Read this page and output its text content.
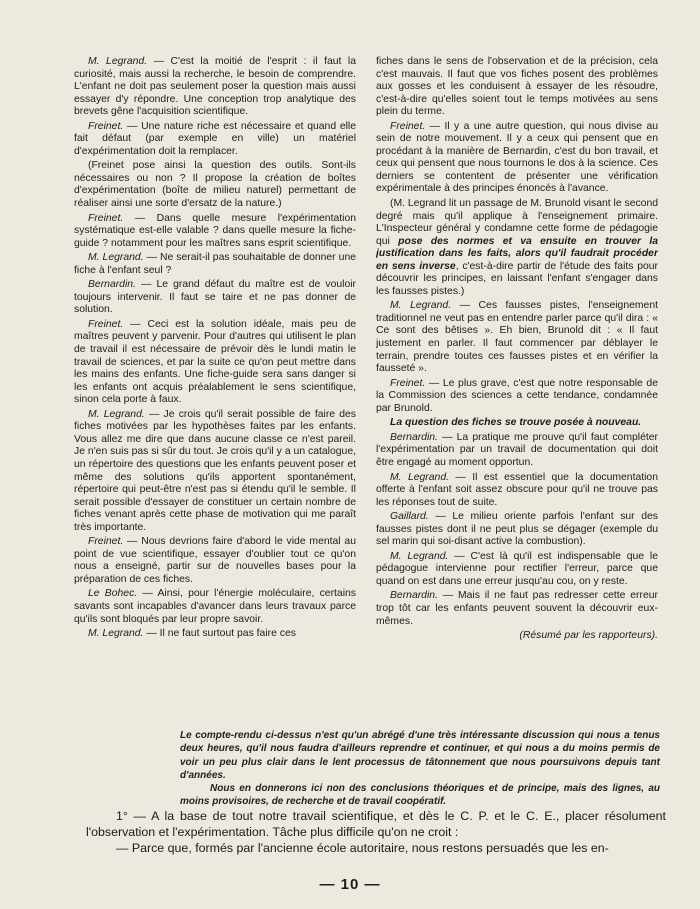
M. Legrand. — C'est la moitié de l'esprit : il faut la curiosité, mais aussi la recherche, le besoin de comprendre. L'enfant ne doit pas seulement poser la question mais aussi essayer d'y répondre. Une conception trop analytique des brevets gêne l'acquisition scientifique.

Freinet. — Une nature riche est nécessaire et quand elle fait défaut (par exemple en ville) un matériel d'expérimentation doit la remplacer.

(Freinet pose ainsi la question des outils. Sont-ils nécessaires ou non ? Il propose la création de boîtes d'expérimentation (boîte de milieu naturel) permettant de réaliser ainsi une sorte d'ersatz de la nature.)

Freinet. — Dans quelle mesure l'expérimentation systématique est-elle valable ? dans quelle mesure la fiche-guide ? notamment pour les maîtres sans esprit scientifique.

M. Legrand. — Ne serait-il pas souhaitable de donner une fiche à l'enfant seul ?

Bernardin. — Le grand défaut du maître est de vouloir toujours intervenir. Il faut se taire et ne pas donner de solution.

Freinet. — Ceci est la solution idéale, mais peu de maîtres peuvent y parvenir. Pour d'autres qui utilisent le plan de travail il est nécessaire de prévoir dès le lundi matin le travail de sciences, et par la suite ce qu'on peut mettre dans les mains des enfants. Une fiche-guide sera sans danger si les enfants ont acquis préalablement le sens scientifique, sinon cela porte à faux.

M. Legrand. — Je crois qu'il serait possible de faire des fiches motivées par les hypothèses faites par les enfants. Vous allez me dire que dans aucune classe ce n'est pareil. Je n'en suis pas si sûr du tout. Je crois qu'il y a un catalogue, un répertoire des questions que les enfants peuvent poser et même des solutions qu'ils apportent spontanément, répertoire qui peut-être n'est pas si étendu qu'il le semble. Il serait possible d'essayer de constituer un certain nombre de fiches venant après cette phase de motivation qui me paraît très importante.

Freinet. — Nous devrions faire d'abord le vide mental au point de vue scientifique, essayer d'oublier tout ce qu'on nous a enseigné, partir sur de nouvelles bases pour la préparation de ces fiches.

Le Bohec. — Ainsi, pour l'énergie moléculaire, certains savants sont incapables d'avancer dans leurs travaux parce qu'ils sont bloqués par leur propre savoir.

M. Legrand. — Il ne faut surtout pas faire ces

fiches dans le sens de l'observation et de la précision, cela c'est mauvais. Il faut que vos fiches posent des problèmes aux gosses et les conduisent à essayer de les résoudre, c'est-à-dire qu'elles soient tout le temps motivées au sens plein du terme.

Freinet. — Il y a une autre question, qui nous divise au sein de notre mouvement. Il y a ceux qui pensent que en procédant à la manière de Bernardin, c'est du bon travail, et ceux qui pensent que nous tournons le dos à la science. Ces derniers se contentent de présenter une vérification expérimentale à des principes énoncés à l'avance.

(M. Legrand lit un passage de M. Brunold visant le second degré mais qu'il applique à l'enseignement primaire. L'Inspecteur général y condamne cette forme de pédagogie qui pose des normes et va ensuite en trouver la justification dans les faits, alors qu'il faudrait procéder en sens inverse, c'est-à-dire partir de l'étude des faits pour découvrir les principes, en laissant l'enfant s'engager dans les fausses pistes.)

M. Legrand. — Ces fausses pistes, l'enseignement traditionnel ne veut pas en entendre parler parce qu'il dira : « Ce sont des bêtises ». Eh bien, Brunold dit : « Il faut justement en parler. Il faut commencer par déblayer le terrain, prendre toutes ces fausses pistes et en vérifier la fausseté ».

Freinet. — Le plus grave, c'est que notre responsable de la Commission des sciences a cette tendance, condamnée par Brunold.

La question des fiches se trouve posée à nouveau.

Bernardin. — La pratique me prouve qu'il faut compléter l'expérimentation par un travail de documentation qui doit être engagé au moment opportun.

M. Legrand. — Il est essentiel que la documentation offerte à l'enfant soit assez obscure pour qu'il ne trouve pas les réponses tout de suite.

Gaillard. — Le milieu oriente parfois l'enfant sur des fausses pistes dont il ne peut plus se dégager (exemple du sel marin qui soi-disant active la combustion).

M. Legrand. — C'est là qu'il est indispensable que le pédagogue intervienne pour rectifier l'erreur, parce que quand on est dans une erreur jusqu'au cou, on y reste.

Bernardin. — Mais il ne faut pas redresser cette erreur trop tôt car les enfants peuvent souvent la découvrir eux-mêmes.

(Résumé par les rapporteurs).

Le compte-rendu ci-dessus n'est qu'un abrégé d'une très intéressante discussion qui nous a tenus deux heures, qu'il nous faudra d'ailleurs reprendre et continuer, et qui nous a du moins permis de voir un peu plus clair dans le lent processus de tâtonnement que nous poursuivons depuis tant d'années.

Nous en donnerons ici non des conclusions théoriques et de principe, mais des lignes, au moins provisoires, de recherche et de travail coopératif.

1° — A la base de tout notre travail scientifique, et dès le C. P. et le C. E., placer résolument l'observation et l'expérimentation. Tâche plus difficile qu'on ne croit :

— Parce que, formés par l'ancienne école autoritaire, nous restons persuadés que les en-

— 10 —
